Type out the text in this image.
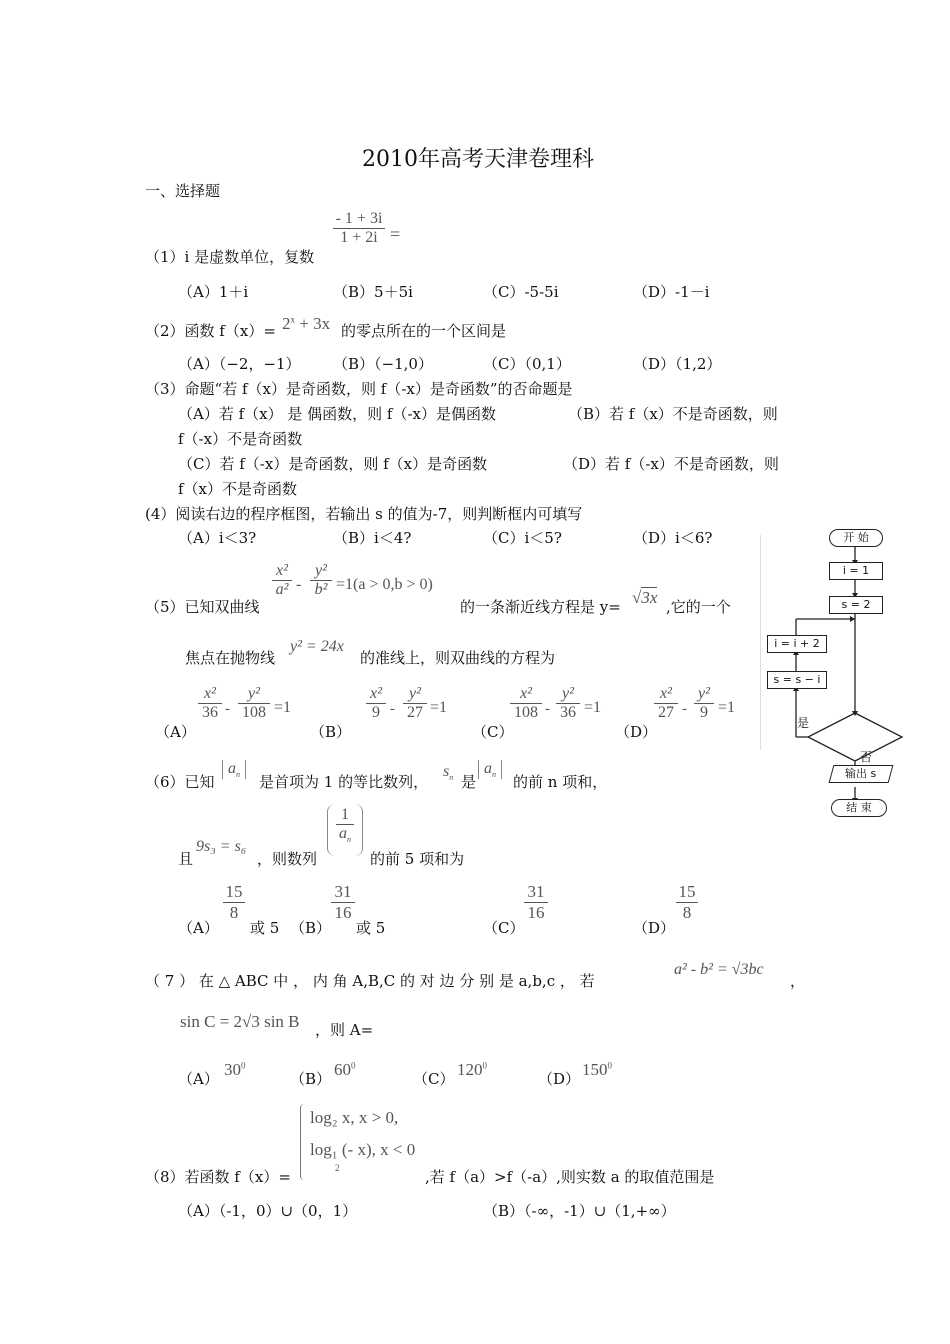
2010年高考天津卷理科
一、选择题
- 1 + 3i
1 + 2i =
（1）i 是虚数单位，复数
（A）1＋i	（B）5＋5i	（C）-5-5i	（D）-1－i
（2）函数 $f(x)= 2^x + 3x$ 的零点所在的一个区间是
（A）（−2，−1） （B）（−1,0）	（C）（0,1）	（D）（1,2）
（3）命题“若 f（x）是奇函数，则 f（-x）是奇函数”的否命题是
（A）若 f（x） 是 偶函数，则 f（-x）是偶函数	（B）若 f（x）不是奇函数，则
f（-x）不是奇函数
（C）若 f（-x）是奇函数，则 f（x）是奇函数	（D）若 f（-x）不是奇函数，则
f（x）不是奇函数
(4）阅读右边的程序框图，若输出 s 的值为-7，则判断框内可填写
（A）i＜3?	（B）i＜4?	（C）i＜5?	（D）i＜6?	开 始
i = 1
s = 2
i = i + 2
s = s − i
是
否
输出 s
结 束
（5）已知双曲线
x²
a² -
y²
b² =1(a > 0,b > 0)
的一条渐近线方程是 y= √3x ,它的一个
焦点在抛物线
y² = 24x
的准线上，则双曲线的方程为
（A）
x²
36 -
y²
108 =1
（B）
x²
9 -
y²
27 =1
（C）
x²
108 -
y²
36 =1
（D）
x²
27 -
y²
9 =1
（6）已知
$a_n$	是首项为 1 的等比数列，
$s_n$ 是
$a_n$	的前 n 项和，
且
9s₃ = s₆
，则数列
1
$a_n$
的前 5 项和为
（A）
15
8
或 5 （B）
31
16
或 5	（C）
31
16
（D）
15
8
（ 7 ） 在 △ ABC 中 ， 内 角 A,B,C 的 对 边 分 别 是 a,b,c ， 若
a² - b² = √3bc
，
sin C = 2√3 sin B ，则 A=
（A） $30^0$
（B） $60^0$
（C） $120^0$
（D） $150^0$
log₂ x, x > 0,
log₁ (- x), x < 0
2
（8）若函数 f（x）=	,若 f（a）>f（-a）,则实数 a 的取值范围是
（A）（-1，0）∪（0，1）	（B）（-∞，-1）∪（1,+∞）
